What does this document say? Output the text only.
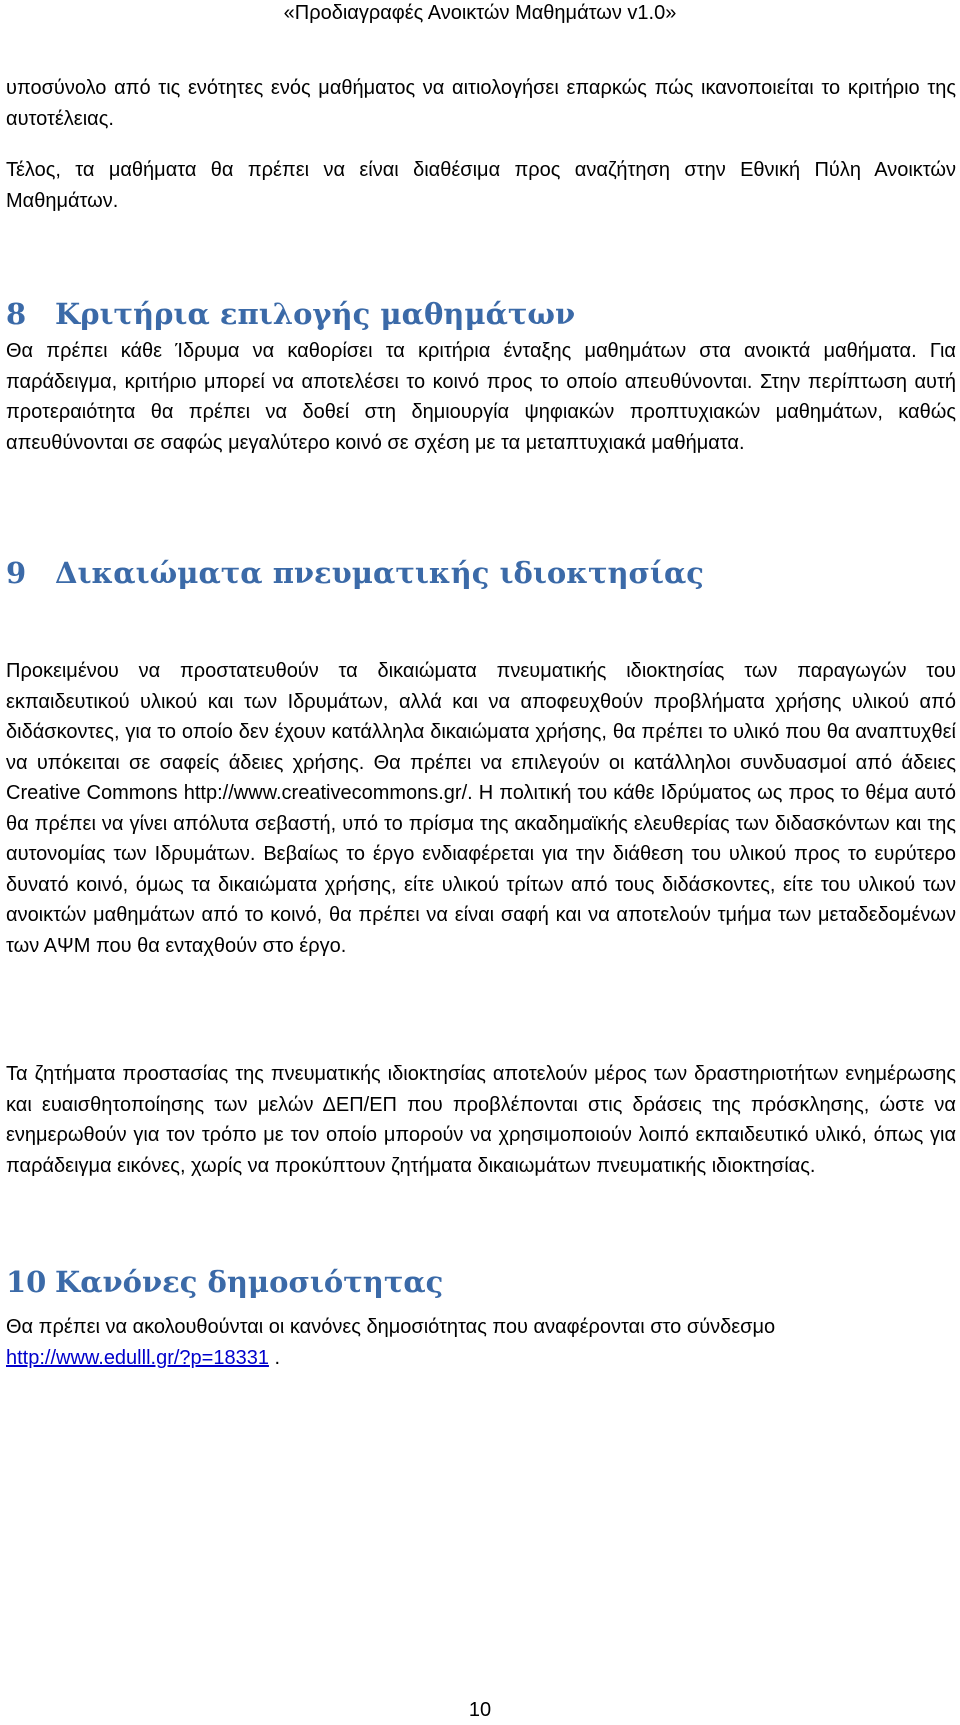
«Προδιαγραφές Ανοικτών Μαθημάτων v1.0»

υποσύνολο από τις ενότητες ενός μαθήματος να αιτιολογήσει επαρκώς πώς ικανοποιείται το κριτήριο της αυτοτέλειας.

Τέλος, τα μαθήματα θα πρέπει να είναι διαθέσιμα προς αναζήτηση στην Εθνική Πύλη Ανοικτών Μαθημάτων.

8 Κριτήρια επιλογής μαθημάτων

Θα πρέπει κάθε Ίδρυμα να καθορίσει τα κριτήρια ένταξης μαθημάτων στα ανοικτά μαθήματα. Για παράδειγμα, κριτήριο μπορεί να αποτελέσει το κοινό προς το οποίο απευθύνονται. Στην περίπτωση αυτή προτεραιότητα θα πρέπει να δοθεί στη δημιουργία ψηφιακών προπτυχιακών μαθημάτων, καθώς απευθύνονται σε σαφώς μεγαλύτερο κοινό σε σχέση με τα μεταπτυχιακά μαθήματα.

9 Δικαιώματα πνευματικής ιδιοκτησίας

Προκειμένου να προστατευθούν τα δικαιώματα πνευματικής ιδιοκτησίας των παραγωγών του εκπαιδευτικού υλικού και των Ιδρυμάτων, αλλά και να αποφευχθούν προβλήματα χρήσης υλικού από διδάσκοντες, για το οποίο δεν έχουν κατάλληλα δικαιώματα χρήσης, θα πρέπει το υλικό που θα αναπτυχθεί να υπόκειται σε σαφείς άδειες χρήσης. Θα πρέπει να επιλεγούν οι κατάλληλοι συνδυασμοί από άδειες Creative Commons http://www.creativecommons.gr/. Η πολιτική του κάθε Ιδρύματος ως προς το θέμα αυτό θα πρέπει να γίνει απόλυτα σεβαστή, υπό το πρίσμα της ακαδημαϊκής ελευθερίας των διδασκόντων και της αυτονομίας των Ιδρυμάτων. Βεβαίως το έργο ενδιαφέρεται για την διάθεση του υλικού προς το ευρύτερο δυνατό κοινό, όμως τα δικαιώματα χρήσης, είτε υλικού τρίτων από τους διδάσκοντες, είτε του υλικού των ανοικτών μαθημάτων από το κοινό, θα πρέπει να είναι σαφή και να αποτελούν τμήμα των μεταδεδομένων των ΑΨΜ που θα ενταχθούν στο έργο.

Τα ζητήματα προστασίας της πνευματικής ιδιοκτησίας αποτελούν μέρος των δραστηριοτήτων ενημέρωσης και ευαισθητοποίησης των μελών ΔΕΠ/ΕΠ που προβλέπονται στις δράσεις της πρόσκλησης, ώστε να ενημερωθούν για τον τρόπο με τον οποίο μπορούν να χρησιμοποιούν λοιπό εκπαιδευτικό υλικό, όπως για παράδειγμα εικόνες, χωρίς να προκύπτουν ζητήματα δικαιωμάτων πνευματικής ιδιοκτησίας.

10 Κανόνες δημοσιότητας

Θα πρέπει να ακολουθούνται οι κανόνες δημοσιότητας που αναφέρονται στο σύνδεσμο
http://www.edulll.gr/?p=18331 .

10
